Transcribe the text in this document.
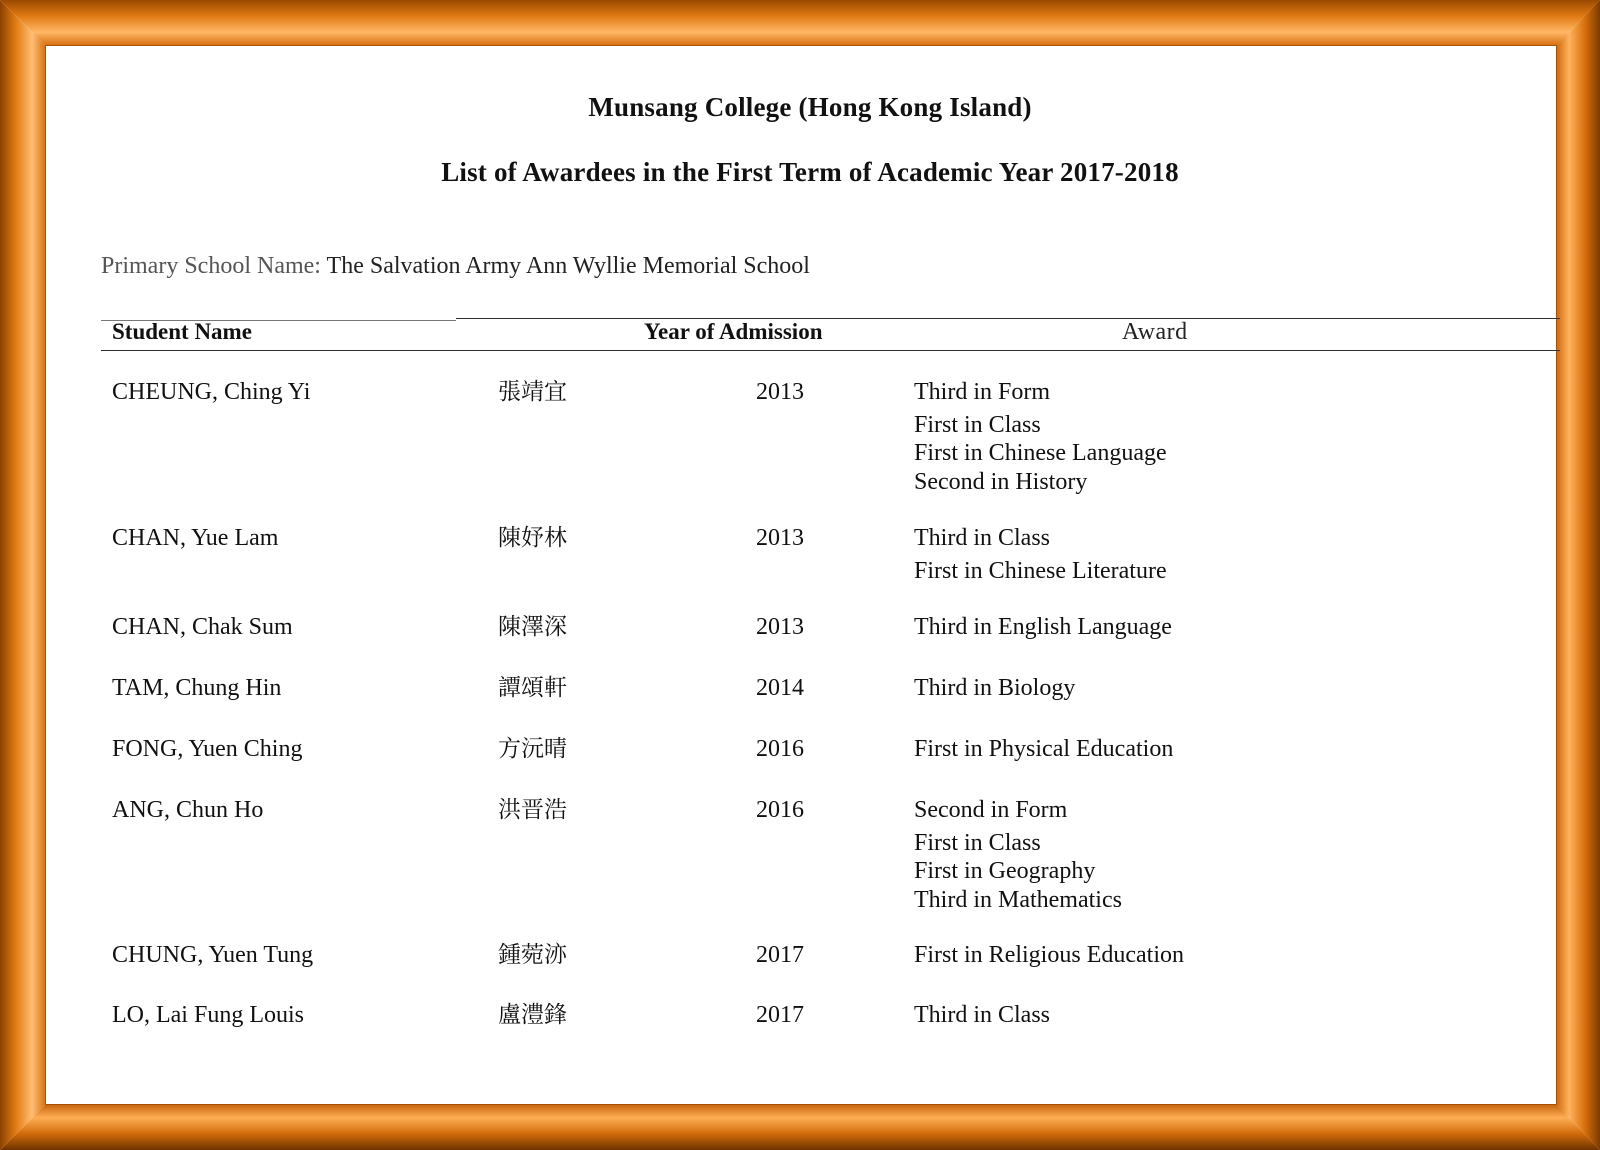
Munsang College (Hong Kong Island)
List of Awardees in the First Term of Academic Year 2017-2018
Primary School Name: The Salvation Army Ann Wyllie Memorial School
Student Name	Year of Admission	Award
CHEUNG, Ching Yi	張靖宜	2013	Third in Form
First in Class
First in Chinese Language
Second in History
CHAN, Yue Lam	陳妤林	2013	Third in Class
First in Chinese Literature
CHAN, Chak Sum	陳澤深	2013	Third in English Language
TAM, Chung Hin	譚頌軒	2014	Third in Biology
FONG, Yuen Ching	方沅晴	2016	First in Physical Education
ANG, Chun Ho	洪晋浩	2016	Second in Form
First in Class
First in Geography
Third in Mathematics
CHUNG, Yuen Tung	鍾菀洂	2017	First in Religious Education
LO, Lai Fung Louis	盧澧鋒	2017	Third in Class
